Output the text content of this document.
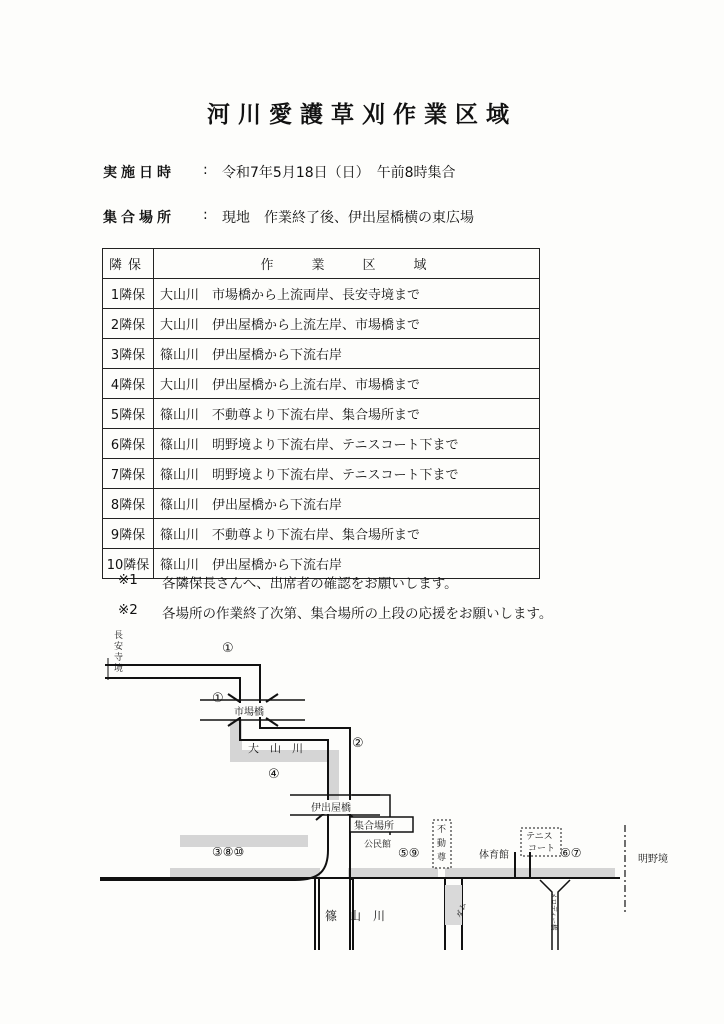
河川愛護草刈作業区域
実施日時 : 令和7年5月18日（日）　午前8時集合
集合場所 : 現地　作業終了後、伊出屋橋横の東広場
隣保	作 業 区 域
1隣保	大山川　市場橋から上流両岸、長安寺境まで
2隣保	大山川　伊出屋橋から上流左岸、市場橋まで
3隣保	篠山川　伊出屋橋から下流右岸
4隣保	大山川　伊出屋橋から上流右岸、市場橋まで
5隣保	篠山川　不動尊より下流右岸、集合場所まで
6隣保	篠山川　明野境より下流右岸、テニスコート下まで
7隣保	篠山川　明野境より下流右岸、テニスコート下まで
8隣保	篠山川　伊出屋橋から下流右岸
9隣保	篠山川　不動尊より下流右岸、集合場所まで
10隣保	篠山川　伊出屋橋から下流右岸
※1 各隣保長さんへ、出席者の確認をお願いします。
※2 各場所の作業終了次第、集合場所の上段の応援をお願いします。
長安寺境
①
①
市場橋
大　山　川	②
④
伊出屋橋
集合場所
公民館
不動尊
テニスコート
体育館	明野境
ダム	メロディー橋
③⑧⑩	⑤⑨	⑥⑦
篠　山　川
